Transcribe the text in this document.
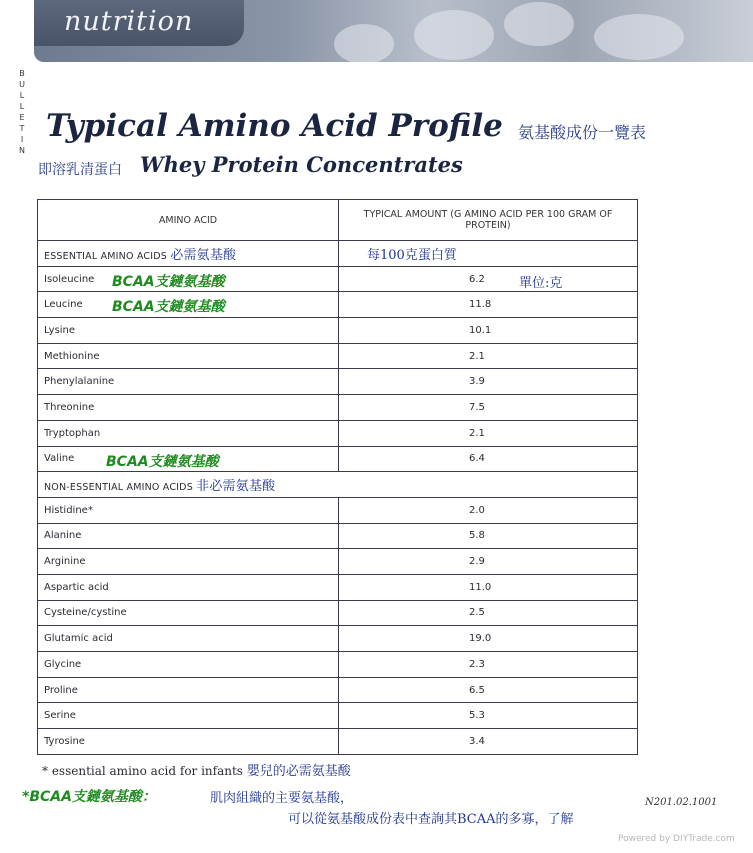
nutrition
B
U
L
L
E
T
I
N
Typical Amino Acid Profile 氨基酸成份一覽表
即溶乳清蛋白 Whey Protein Concentrates
AMINO ACID	TYPICAL AMOUNT (G AMINO ACID PER 100 GRAM OF PROTEIN)
ESSENTIAL AMINO ACIDS 必需氨基酸	每100克蛋白質

Isoleucine BCAA支鏈氨基酸	6.2 單位:克

Leucine BCAA支鏈氨基酸	11.8
Lysine	10.1
Methionine	2.1
Phenylalanine	3.9
Threonine	7.5
Tryptophan	2.1
Valine BCAA支鏈氨基酸	6.4
NON-ESSENTIAL AMINO ACIDS 非必需氨基酸	
Histidine*	2.0
Alanine	5.8
Arginine	2.9
Aspartic acid	11.0
Cysteine/cystine	2.5
Glutamic acid	19.0
Glycine	2.3
Proline	6.5
Serine	5.3
Tyrosine	3.4
* essential amino acid for infants 嬰兒的必需氨基酸
*BCAA支鏈氨基酸：	肌肉組織的主要氨基酸，
可以從氨基酸成份表中查詢其BCAA的多寡，了解
N201.02.1001
Powered by DIYTrade.com
